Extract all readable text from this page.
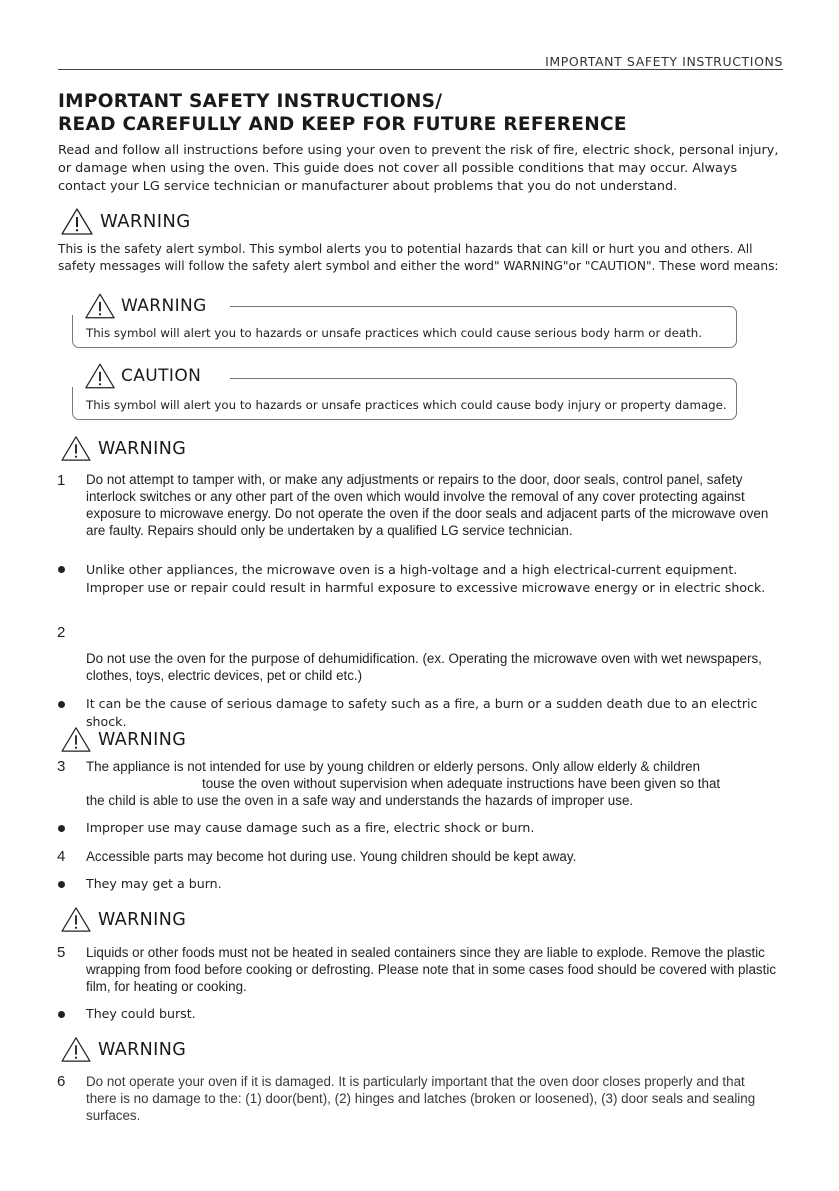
IMPORTANT SAFETY INSTRUCTIONS
IMPORTANT SAFETY INSTRUCTIONS/
READ CAREFULLY AND KEEP FOR FUTURE REFERENCE
Read and follow all instructions before using your oven to prevent the risk of fire, electric shock, personal injury, or damage when using the oven. This guide does not cover all possible conditions that may occur. Always contact your LG service technician or manufacturer about problems that you do not understand.
WARNING
This is the safety alert symbol. This symbol alerts you to potential hazards that can kill or hurt you and others. All safety messages will follow the safety alert symbol and either the word" WARNING"or "CAUTION". These word means:
WARNING
This symbol will alert you to hazards or unsafe practices which could cause serious body harm or death.
CAUTION
This symbol will alert you to hazards or unsafe practices which could cause body injury or property damage.
WARNING
1 Do not attempt to tamper with, or make any adjustments or repairs to the door, door seals, control panel, safety interlock switches or any other part of the oven which would involve the removal of any cover protecting against exposure to microwave energy. Do not operate the oven if the door seals and adjacent parts of the microwave oven are faulty. Repairs should only be undertaken by a qualified LG service technician.
Unlike other appliances, the microwave oven is a high-voltage and a high electrical-current equipment. Improper use or repair could result in harmful exposure to excessive microwave energy or in electric shock.
2
Do not use the oven for the purpose of dehumidification. (ex. Operating the microwave oven with wet newspapers, clothes, toys, electric devices, pet or child etc.)
It can be the cause of serious damage to safety such as a fire, a burn or a sudden death due to an electric shock.
WARNING
3 The appliance is not intended for use by young children or elderly persons. Only allow elderly & children
touse the oven without supervision when adequate instructions have been given so that
the child is able to use the oven in a safe way and understands the hazards of improper use.
Improper use may cause damage such as a fire, electric shock or burn.
4 Accessible parts may become hot during use. Young children should be kept away.
They may get a burn.
WARNING
5 Liquids or other foods must not be heated in sealed containers since they are liable to explode. Remove the plastic wrapping from food before cooking or defrosting. Please note that in some cases food should be covered with plastic film, for heating or cooking.
They could burst.
WARNING
6 Do not operate your oven if it is damaged. It is particularly important that the oven door closes properly and that there is no damage to the: (1) door(bent), (2) hinges and latches (broken or loosened), (3) door seals and sealing surfaces.
